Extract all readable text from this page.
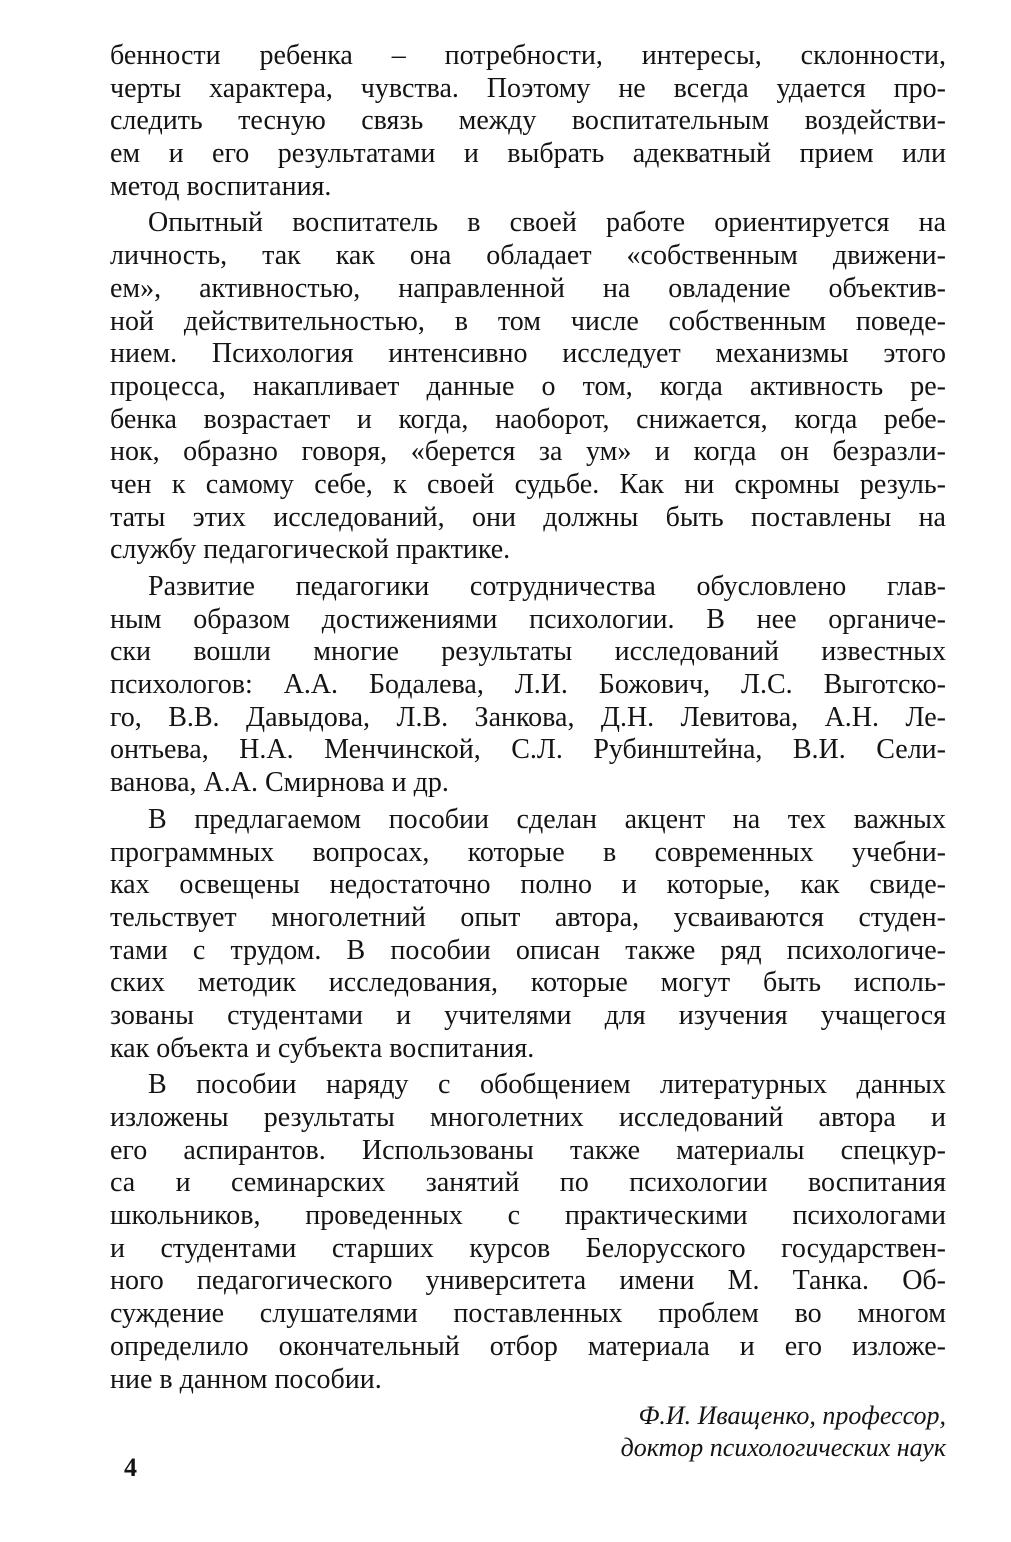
бенности ребенка – потребности, интересы, склонности,
черты характера, чувства. Поэтому не всегда удается про-
следить тесную связь между воспитательным воздействи-
ем и его результатами и выбрать адекватный прием или
метод воспитания.
Опытный воспитатель в своей работе ориентируется на
личность, так как она обладает «собственным движени-
ем», активностью, направленной на овладение объектив-
ной действительностью, в том числе собственным поведе-
нием. Психология интенсивно исследует механизмы этого
процесса, накапливает данные о том, когда активность ре-
бенка возрастает и когда, наоборот, снижается, когда ребе-
нок, образно говоря, «берется за ум» и когда он безразли-
чен к самому себе, к своей судьбе. Как ни скромны резуль-
таты этих исследований, они должны быть поставлены на
службу педагогической практике.
Развитие педагогики сотрудничества обусловлено глав-
ным образом достижениями психологии. В нее органиче-
ски вошли многие результаты исследований известных
психологов: А.А. Бодалева, Л.И. Божович, Л.С. Выготско-
го, В.В. Давыдова, Л.В. Занкова, Д.Н. Левитова, А.Н. Ле-
онтьева, Н.А. Менчинской, С.Л. Рубинштейна, В.И. Сели-
ванова, А.А. Смирнова и др.
В предлагаемом пособии сделан акцент на тех важных
программных вопросах, которые в современных учебни-
ках освещены недостаточно полно и которые, как свиде-
тельствует многолетний опыт автора, усваиваются студен-
тами с трудом. В пособии описан также ряд психологиче-
ских методик исследования, которые могут быть исполь-
зованы студентами и учителями для изучения учащегося
как объекта и субъекта воспитания.
В пособии наряду с обобщением литературных данных
изложены результаты многолетних исследований автора и
его аспирантов. Использованы также материалы спецкур-
са и семинарских занятий по психологии воспитания
школьников, проведенных с практическими психологами
и студентами старших курсов Белорусского государствен-
ного педагогического университета имени М. Танка. Об-
суждение слушателями поставленных проблем во многом
определило окончательный отбор материала и его изложе-
ние в данном пособии.
Ф.И. Иващенко, профессор,
доктор психологических наук
4
